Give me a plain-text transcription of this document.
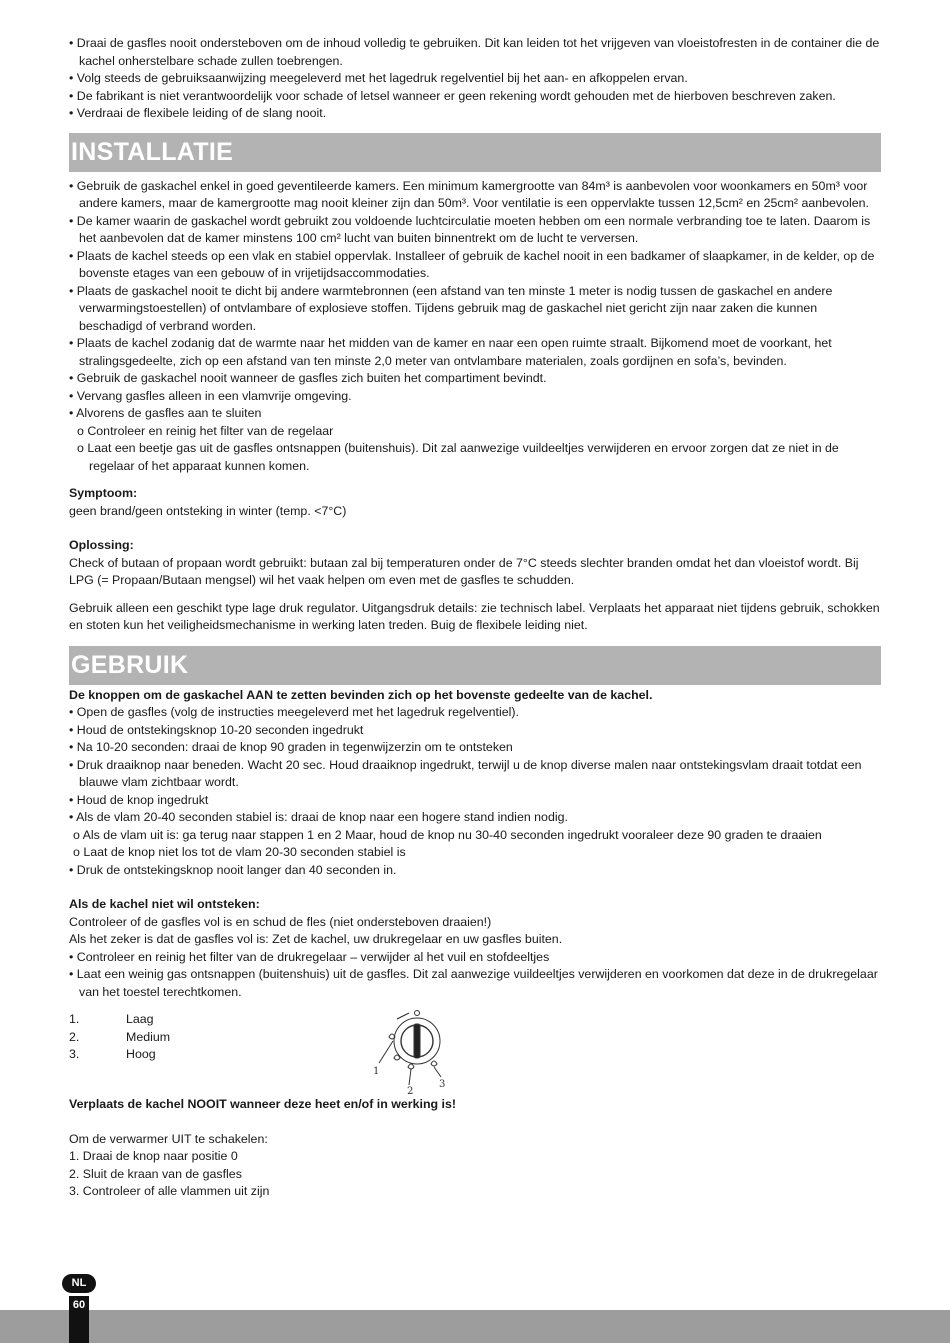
• Draai de gasfles nooit ondersteboven om de inhoud volledig te gebruiken. Dit kan leiden tot het vrijgeven van vloeistofresten in de container die de kachel onherstelbare schade zullen toebrengen.
• Volg steeds de gebruiksaanwijzing meegeleverd met het lagedruk regelventiel bij het aan- en afkoppelen ervan.
• De fabrikant is niet verantwoordelijk voor schade of letsel wanneer er geen rekening wordt gehouden met de hierboven beschreven zaken.
• Verdraai de flexibele leiding of de slang nooit.
INSTALLATIE
• Gebruik de gaskachel enkel in goed geventileerde kamers. Een minimum kamergrootte van 84m³ is aanbevolen voor woonkamers en 50m³ voor andere kamers, maar de kamergrootte mag nooit kleiner zijn dan 50m³. Voor ventilatie is een oppervlakte tussen 12,5cm² en 25cm² aanbevolen.
• De kamer waarin de gaskachel wordt gebruikt zou voldoende luchtcirculatie moeten hebben om een normale verbranding toe te laten. Daarom is het aanbevolen dat de kamer minstens 100 cm² lucht van buiten binnentrekt om de lucht te verversen.
• Plaats de kachel steeds op een vlak en stabiel oppervlak. Installeer of gebruik de kachel nooit in een badkamer of slaapkamer, in de kelder, op de bovenste etages van een gebouw of in vrijetijdsaccommodaties.
• Plaats de gaskachel nooit te dicht bij andere warmtebronnen (een afstand van ten minste 1 meter is nodig tussen de gaskachel en andere verwarmingstoestellen) of ontvlambare of explosieve stoffen. Tijdens gebruik mag de gaskachel niet gericht zijn naar zaken die kunnen beschadigd of verbrand worden.
• Plaats de kachel zodanig dat de warmte naar het midden van de kamer en naar een open ruimte straalt. Bijkomend moet de voorkant, het stralingsgedeelte, zich op een afstand van ten minste 2,0 meter van ontvlambare materialen, zoals gordijnen en sofa’s, bevinden.
• Gebruik de gaskachel nooit wanneer de gasfles zich buiten het compartiment bevindt.
• Vervang gasfles alleen in een vlamvrije omgeving.
• Alvorens de gasfles aan te sluiten
o Controleer en reinig het filter van de regelaar
o Laat een beetje gas uit de gasfles ontsnappen (buitenshuis). Dit zal aanwezige vuildeeltjes verwijderen en ervoor zorgen dat ze niet in de regelaar of het apparaat kunnen komen.
Symptoom:
geen brand/geen ontsteking in winter (temp. <7°C)
Oplossing:
Check of butaan of propaan wordt gebruikt: butaan zal bij temperaturen onder de 7°C steeds slechter branden omdat het dan vloeistof wordt. Bij LPG (= Propaan/Butaan mengsel) wil het vaak helpen om even met de gasfles te schudden.
Gebruik alleen een geschikt type lage druk regulator. Uitgangsdruk details: zie technisch label. Verplaats het apparaat niet tijdens gebruik, schokken en stoten kun het veiligheidsmechanisme in werking laten treden. Buig de flexibele leiding niet.
GEBRUIK
De knoppen om de gaskachel AAN te zetten bevinden zich op het bovenste gedeelte van de kachel.
• Open de gasfles (volg de instructies meegeleverd met het lagedruk regelventiel).
• Houd de ontstekingsknop 10-20 seconden ingedrukt
• Na 10-20 seconden: draai de knop 90 graden in tegenwijzerzin om te ontsteken
• Druk draaiknop naar beneden. Wacht 20 sec. Houd draaiknop ingedrukt, terwijl u de knop diverse malen naar ontstekingsvlam draait totdat een blauwe vlam zichtbaar wordt.
• Houd de knop ingedrukt
• Als de vlam 20-40 seconden stabiel is: draai de knop naar een hogere stand indien nodig.
o Als de vlam uit is: ga terug naar stappen 1 en 2 Maar, houd de knop nu 30-40 seconden ingedrukt vooraleer deze 90 graden te draaien
o Laat de knop niet los tot de vlam 20-30 seconden stabiel is
• Druk de ontstekingsknop nooit langer dan 40 seconden in.
Als de kachel niet wil ontsteken:
Controleer of de gasfles vol is en schud de fles (niet ondersteboven draaien!)
Als het zeker is dat de gasfles vol is: Zet de kachel, uw drukregelaar en uw gasfles buiten.
• Controleer en reinig het filter van de drukregelaar – verwijder al het vuil en stofdeeltjes
• Laat een weinig gas ontsnappen (buitenshuis) uit de gasfles. Dit zal aanwezige vuildeeltjes verwijderen en voorkomen dat deze in de drukregelaar van het toestel terechtkomen.
1.	Laag
2.	Medium
3.	Hoog
1
2
3
Verplaats de kachel NOOIT wanneer deze heet en/of in werking is!
Om de verwarmer UIT te schakelen:
1. Draai de knop naar positie 0
2. Sluit de kraan van de gasfles
3. Controleer of alle vlammen uit zijn
60
NL
